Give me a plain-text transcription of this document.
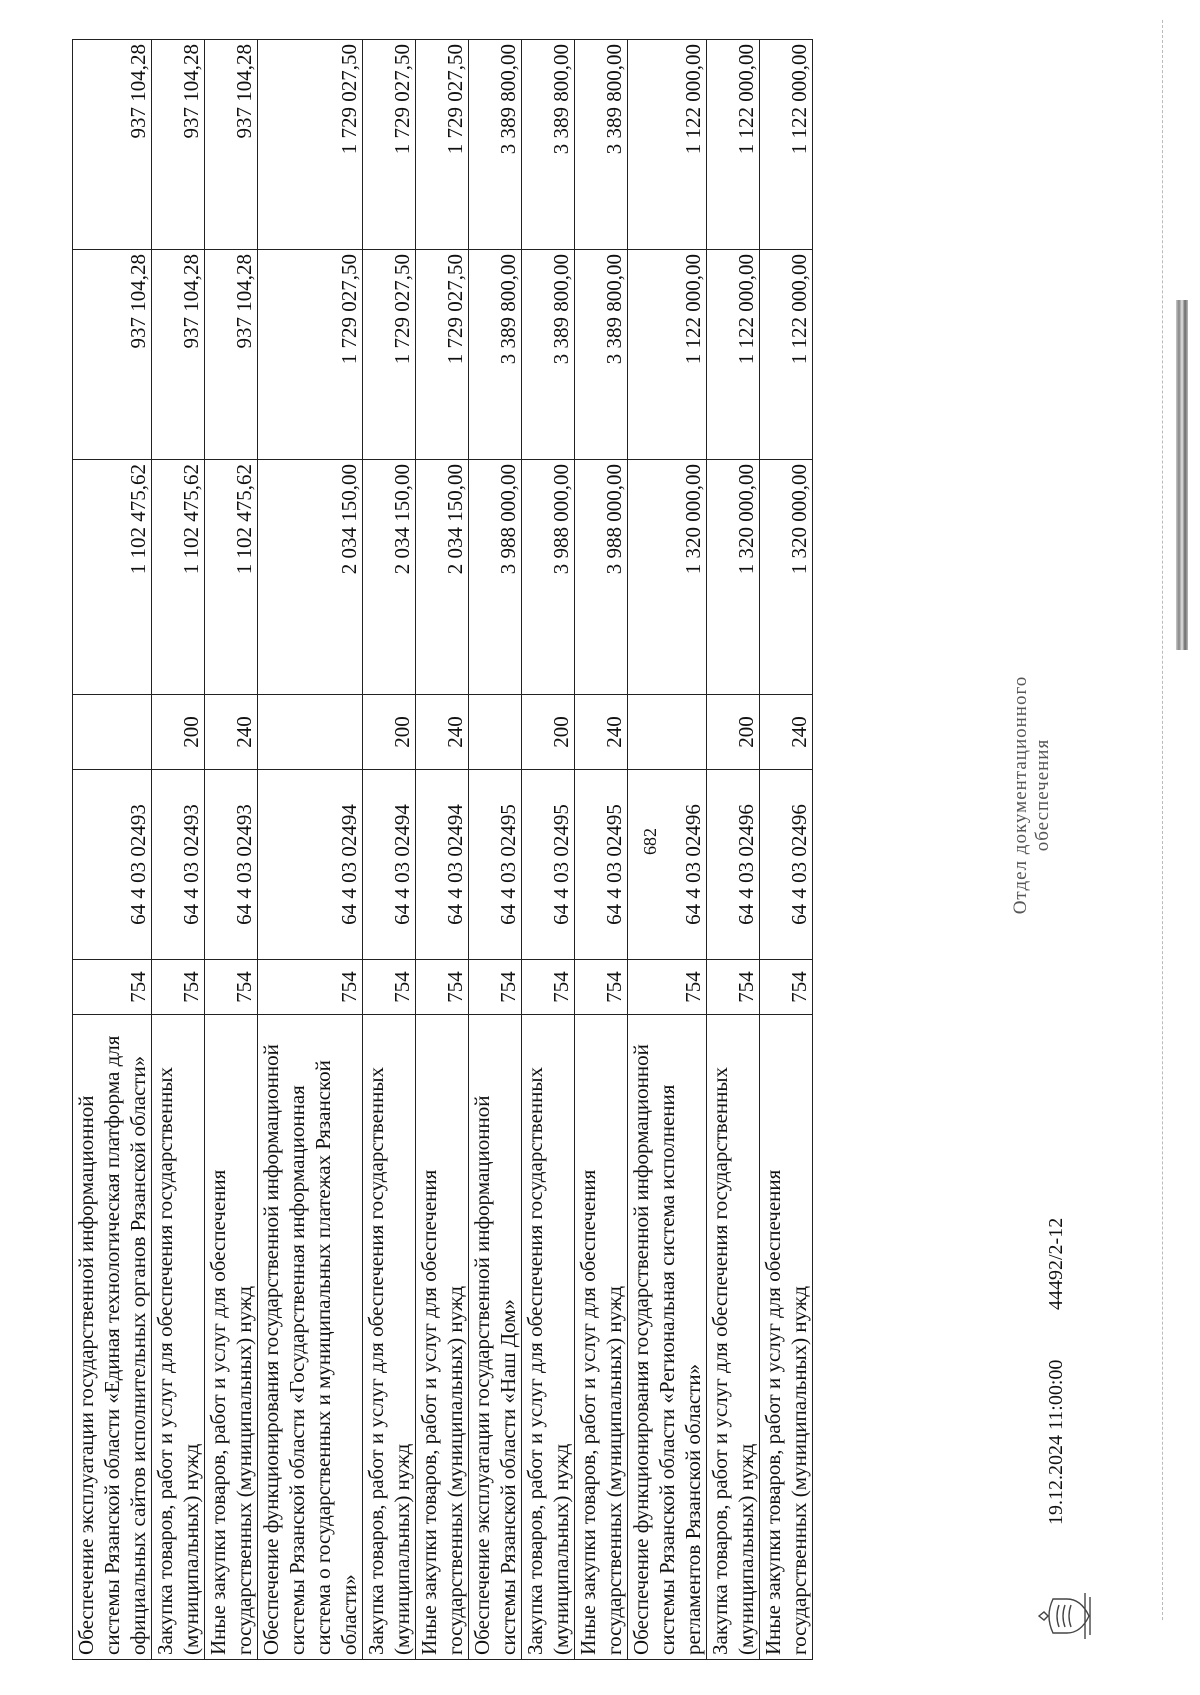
682
Обеспечение эксплуатации государственной информационной системы Рязанской области «Единая технологическая платформа для официальных сайтов исполнительных органов Рязанской области»	754	64 4 03 02493		1 102 475,62	937 104,28	937 104,28
Закупка товаров, работ и услуг для обеспечения государственных (муниципальных) нужд	754	64 4 03 02493	200	1 102 475,62	937 104,28	937 104,28
Иные закупки товаров, работ и услуг для обеспечения государственных (муниципальных) нужд	754	64 4 03 02493	240	1 102 475,62	937 104,28	937 104,28
Обеспечение функционирования государственной информационной системы Рязанской области «Государственная информационная система о государственных и муниципальных платежах Рязанской области»	754	64 4 03 02494		2 034 150,00	1 729 027,50	1 729 027,50
Закупка товаров, работ и услуг для обеспечения государственных (муниципальных) нужд	754	64 4 03 02494	200	2 034 150,00	1 729 027,50	1 729 027,50
Иные закупки товаров, работ и услуг для обеспечения государственных (муниципальных) нужд	754	64 4 03 02494	240	2 034 150,00	1 729 027,50	1 729 027,50
Обеспечение эксплуатации государственной информационной системы Рязанской области «Наш Дом»	754	64 4 03 02495		3 988 000,00	3 389 800,00	3 389 800,00
Закупка товаров, работ и услуг для обеспечения государственных (муниципальных) нужд	754	64 4 03 02495	200	3 988 000,00	3 389 800,00	3 389 800,00
Иные закупки товаров, работ и услуг для обеспечения государственных (муниципальных) нужд	754	64 4 03 02495	240	3 988 000,00	3 389 800,00	3 389 800,00
Обеспечение функционирования государственной информационной системы Рязанской области «Региональная система исполнения регламентов Рязанской области»	754	64 4 03 02496		1 320 000,00	1 122 000,00	1 122 000,00
Закупка товаров, работ и услуг для обеспечения государственных (муниципальных) нужд	754	64 4 03 02496	200	1 320 000,00	1 122 000,00	1 122 000,00
Иные закупки товаров, работ и услуг для обеспечения государственных (муниципальных) нужд	754	64 4 03 02496	240	1 320 000,00	1 122 000,00	1 122 000,00
19.12.2024 11:00:00
44492/2-12
Отдел документационного обеспечения
